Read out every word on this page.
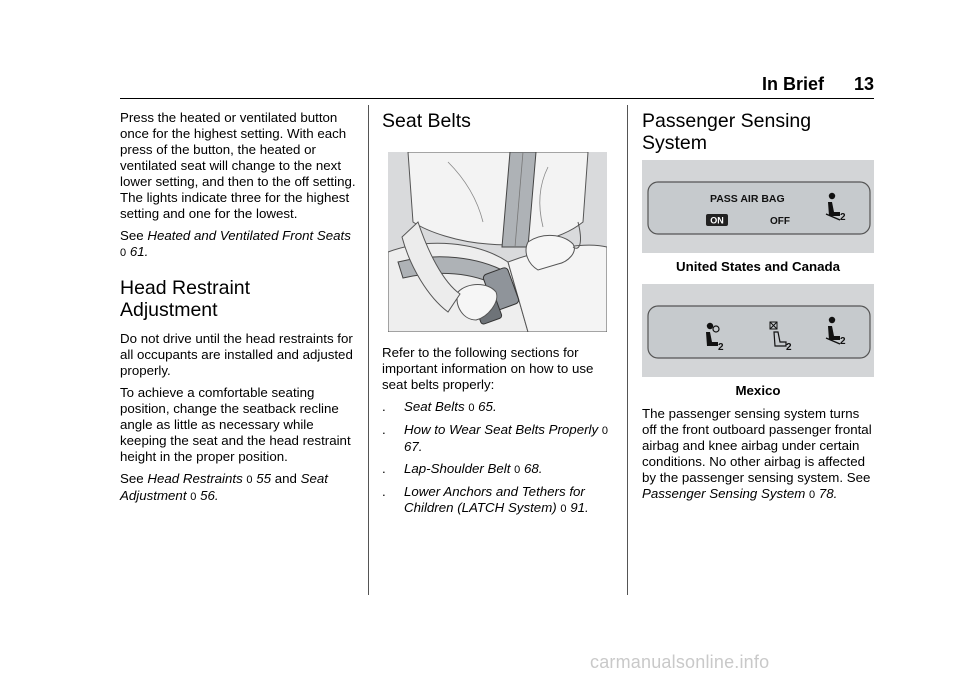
In Brief 13

Press the heated or ventilated button once for the highest setting. With each press of the button, the heated or ventilated seat will change to the next lower setting, and then to the off setting. The lights indicate three for the highest setting and one for the lowest.

See Heated and Ventilated Front Seats 0 61.

Head Restraint
Adjustment

Do not drive until the head restraints for all occupants are installed and adjusted properly.

To achieve a comfortable seating position, change the seatback recline angle as little as necessary while keeping the seat and the head restraint height in the proper position.

See Head Restraints 0 55 and Seat Adjustment 0 56.

Seat Belts

Refer to the following sections for important information on how to use seat belts properly:

. Seat Belts 0 65.
. How to Wear Seat Belts Properly 0 67.
. Lap-Shoulder Belt 0 68.
. Lower Anchors and Tethers for Children (LATCH System) 0 91.
Passenger Sensing
System
PASS AIR BAG
ON	OFF	2
United States and Canada
2	2
2
Mexico

The passenger sensing system turns off the front outboard passenger frontal airbag and knee airbag under certain conditions. No other airbag is affected by the passenger sensing system. See Passenger Sensing System 0 78.

carmanualsonline.info
